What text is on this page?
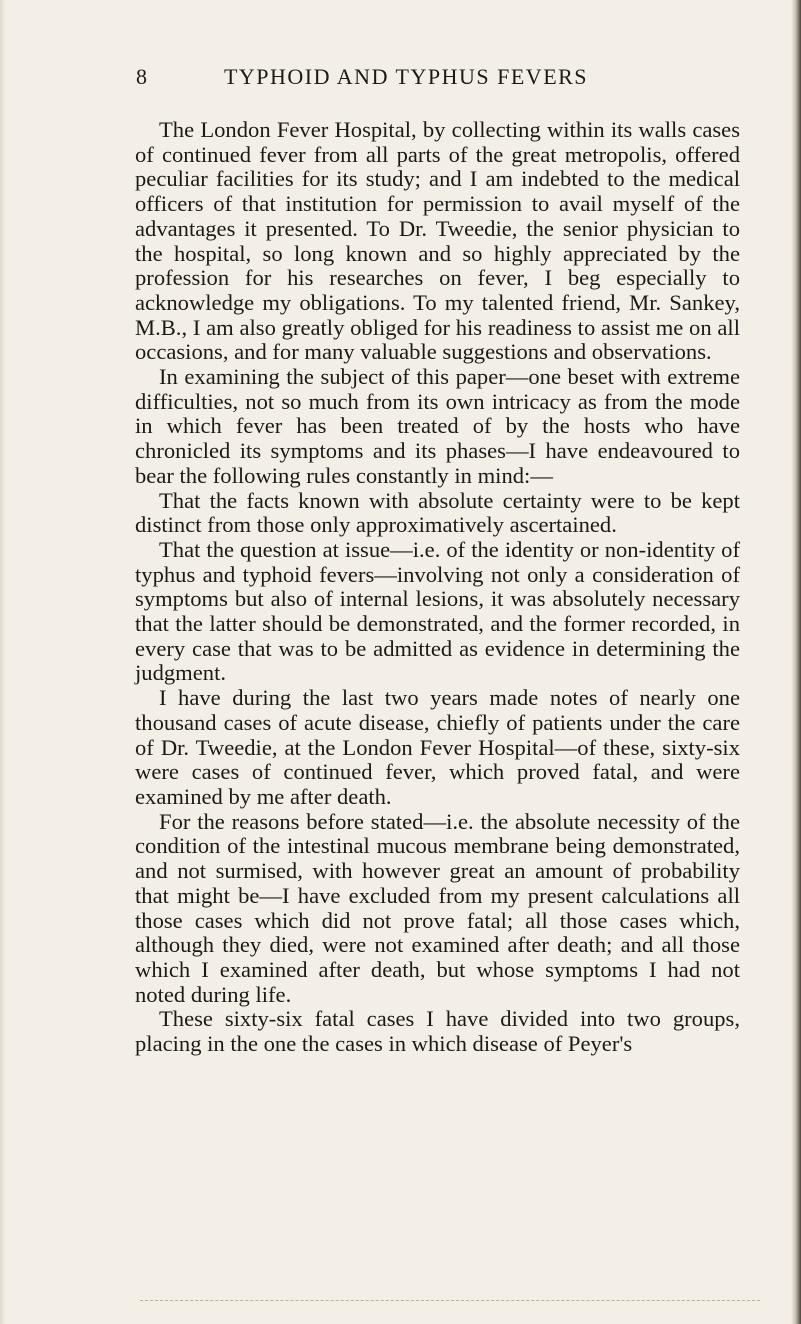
8	TYPHOID AND TYPHUS FEVERS

The London Fever Hospital, by collecting within its walls cases of continued fever from all parts of the great metropolis, offered peculiar facilities for its study; and I am indebted to the medical officers of that institution for permission to avail myself of the advantages it presented. To Dr. Tweedie, the senior physician to the hospital, so long known and so highly appreciated by the profession for his researches on fever, I beg especially to acknowledge my obligations. To my talented friend, Mr. Sankey, M.B., I am also greatly obliged for his readiness to assist me on all occasions, and for many valuable suggestions and observations.

In examining the subject of this paper—one beset with extreme difficulties, not so much from its own intricacy as from the mode in which fever has been treated of by the hosts who have chronicled its symptoms and its phases—I have endeavoured to bear the following rules constantly in mind:—

That the facts known with absolute certainty were to be kept distinct from those only approximatively ascertained.

That the question at issue—i.e. of the identity or non-identity of typhus and typhoid fevers—involving not only a consideration of symptoms but also of internal lesions, it was absolutely necessary that the latter should be demonstrated, and the former recorded, in every case that was to be admitted as evidence in determining the judgment.

I have during the last two years made notes of nearly one thousand cases of acute disease, chiefly of patients under the care of Dr. Tweedie, at the London Fever Hospital—of these, sixty-six were cases of continued fever, which proved fatal, and were examined by me after death.

For the reasons before stated—i.e. the absolute necessity of the condition of the intestinal mucous membrane being demonstrated, and not surmised, with however great an amount of probability that might be—I have excluded from my present calculations all those cases which did not prove fatal; all those cases which, although they died, were not examined after death; and all those which I examined after death, but whose symptoms I had not noted during life.

These sixty-six fatal cases I have divided into two groups, placing in the one the cases in which disease of Peyer's
